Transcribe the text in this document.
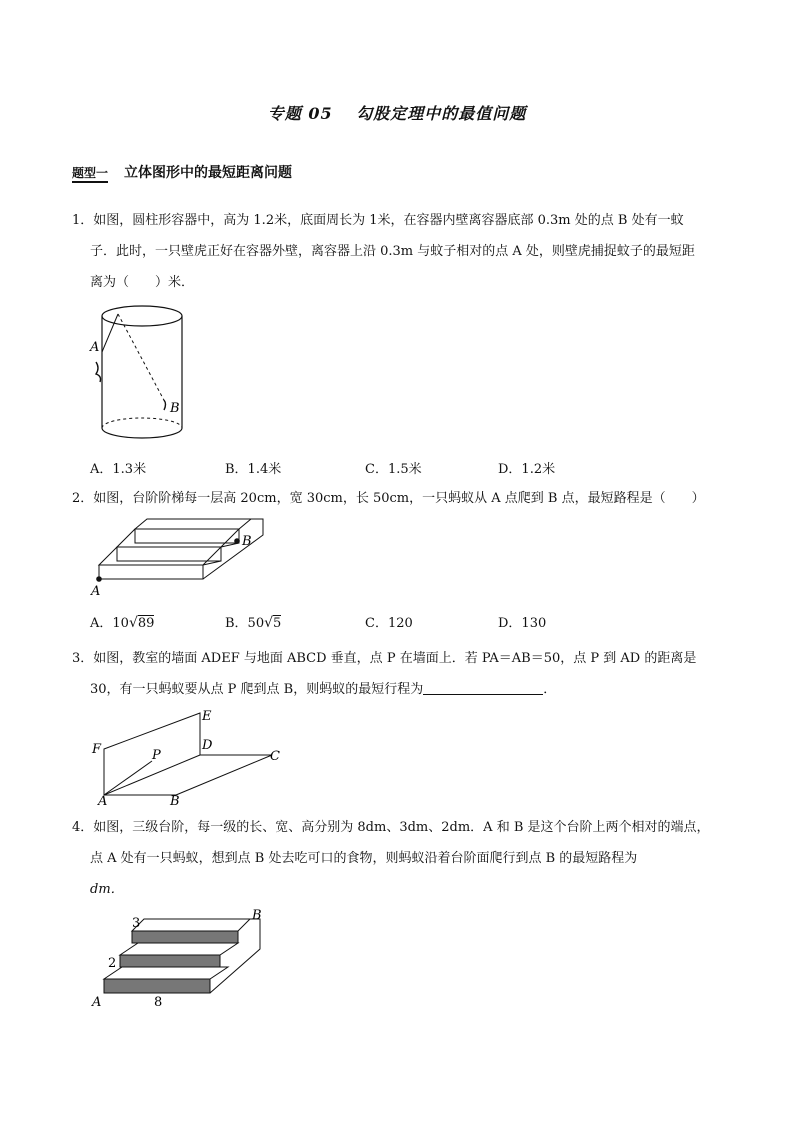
专题 05　 勾股定理中的最值问题
题型一 立体图形中的最短距离问题
1．如图，圆柱形容器中，高为 1.2米，底面周长为 1米，在容器内壁离容器底部 0.3m 处的点 B 处有一蚊
子．此时，一只壁虎正好在容器外壁，离容器上沿 0.3m 与蚊子相对的点 A 处，则壁虎捕捉蚊子的最短距
离为（　　）米．
A
B
A．1.3米	B．1.4米	C．1.5米	D．1.2米
2．如图，台阶阶梯每一层高 20cm，宽 30cm，长 50cm，一只蚂蚁从 A 点爬到 B 点，最短路程是（　　）
A
B
A．10√89	B．50√5	C．120	D．130
3．如图，教室的墙面 ADEF 与地面 ABCD 垂直，点 P 在墙面上．若 PA＝AB＝50，点 P 到 AD 的距离是
30，有一只蚂蚁要从点 P 爬到点 B，则蚂蚁的最短行程为	．
E
F	D
P	C
A	B
4．如图，三级台阶，每一级的长、宽、高分别为 8dm、3dm、2dm．A 和 B 是这个台阶上两个相对的端点，
点 A 处有一只蚂蚁，想到点 B 处去吃可口的食物，则蚂蚁沿着台阶面爬行到点 B 的最短路程为
dm．
3
2
8
A
B
